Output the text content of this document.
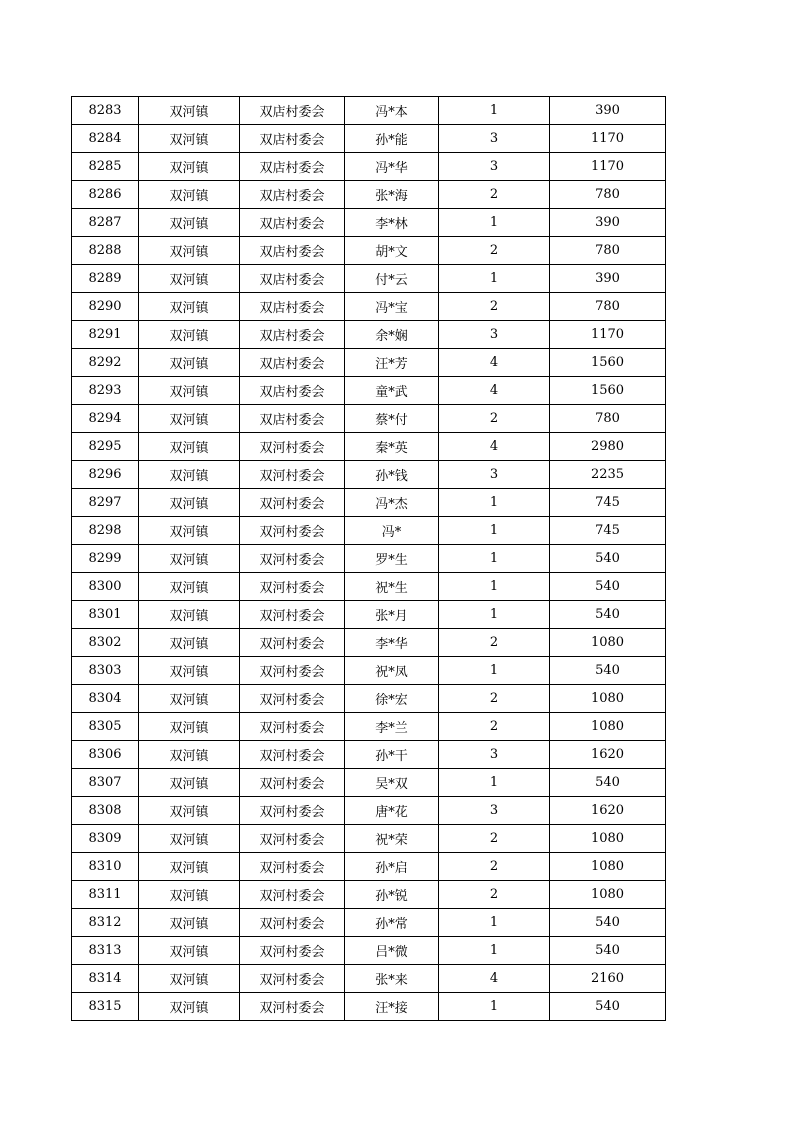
8283	双河镇	双店村委会	冯*本	1	390
8284	双河镇	双店村委会	孙*能	3	1170
8285	双河镇	双店村委会	冯*华	3	1170
8286	双河镇	双店村委会	张*海	2	780
8287	双河镇	双店村委会	李*林	1	390
8288	双河镇	双店村委会	胡*文	2	780
8289	双河镇	双店村委会	付*云	1	390
8290	双河镇	双店村委会	冯*宝	2	780
8291	双河镇	双店村委会	余*娴	3	1170
8292	双河镇	双店村委会	汪*芳	4	1560
8293	双河镇	双店村委会	童*武	4	1560
8294	双河镇	双店村委会	蔡*付	2	780
8295	双河镇	双河村委会	秦*英	4	2980
8296	双河镇	双河村委会	孙*钱	3	2235
8297	双河镇	双河村委会	冯*杰	1	745
8298	双河镇	双河村委会	冯*	1	745
8299	双河镇	双河村委会	罗*生	1	540
8300	双河镇	双河村委会	祝*生	1	540
8301	双河镇	双河村委会	张*月	1	540
8302	双河镇	双河村委会	李*华	2	1080
8303	双河镇	双河村委会	祝*凤	1	540
8304	双河镇	双河村委会	徐*宏	2	1080
8305	双河镇	双河村委会	李*兰	2	1080
8306	双河镇	双河村委会	孙*干	3	1620
8307	双河镇	双河村委会	吴*双	1	540
8308	双河镇	双河村委会	唐*花	3	1620
8309	双河镇	双河村委会	祝*荣	2	1080
8310	双河镇	双河村委会	孙*启	2	1080
8311	双河镇	双河村委会	孙*锐	2	1080
8312	双河镇	双河村委会	孙*常	1	540
8313	双河镇	双河村委会	吕*微	1	540
8314	双河镇	双河村委会	张*来	4	2160
8315	双河镇	双河村委会	汪*接	1	540
